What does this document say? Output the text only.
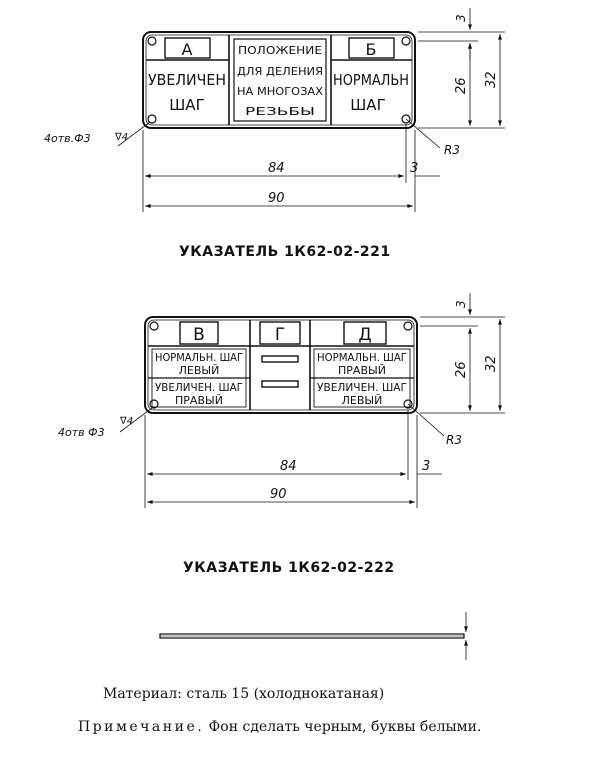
А
УВЕЛИЧЕН
ШАГ
ПОЛОЖЕНИЕ
ДЛЯ ДЕЛЕНИЯ
НА МНОГОЗАХ
РЕЗЬБЫ
Б
НОРМАЛЬН
ШАГ
84	3
90
R3
4отв.Ф3 ∇4
26 32
3
В	Г	Д
НОРМАЛЬН. ШАГ
ЛЕВЫЙ
УВЕЛИЧЕН. ШАГ
ПРАВЫЙ
НОРМАЛЬН. ШАГ
ПРАВЫЙ
УВЕЛИЧЕН. ШАГ
ЛЕВЫЙ
84	3
90
R3
4отв Ф3
∇4
26 32
3
УКАЗАТЕЛЬ 1К62-02-221
УКАЗАТЕЛЬ 1К62-02-222
Материал: сталь 15 (холоднокатаная)
Примечание. Фон сделать черным, буквы белыми.
